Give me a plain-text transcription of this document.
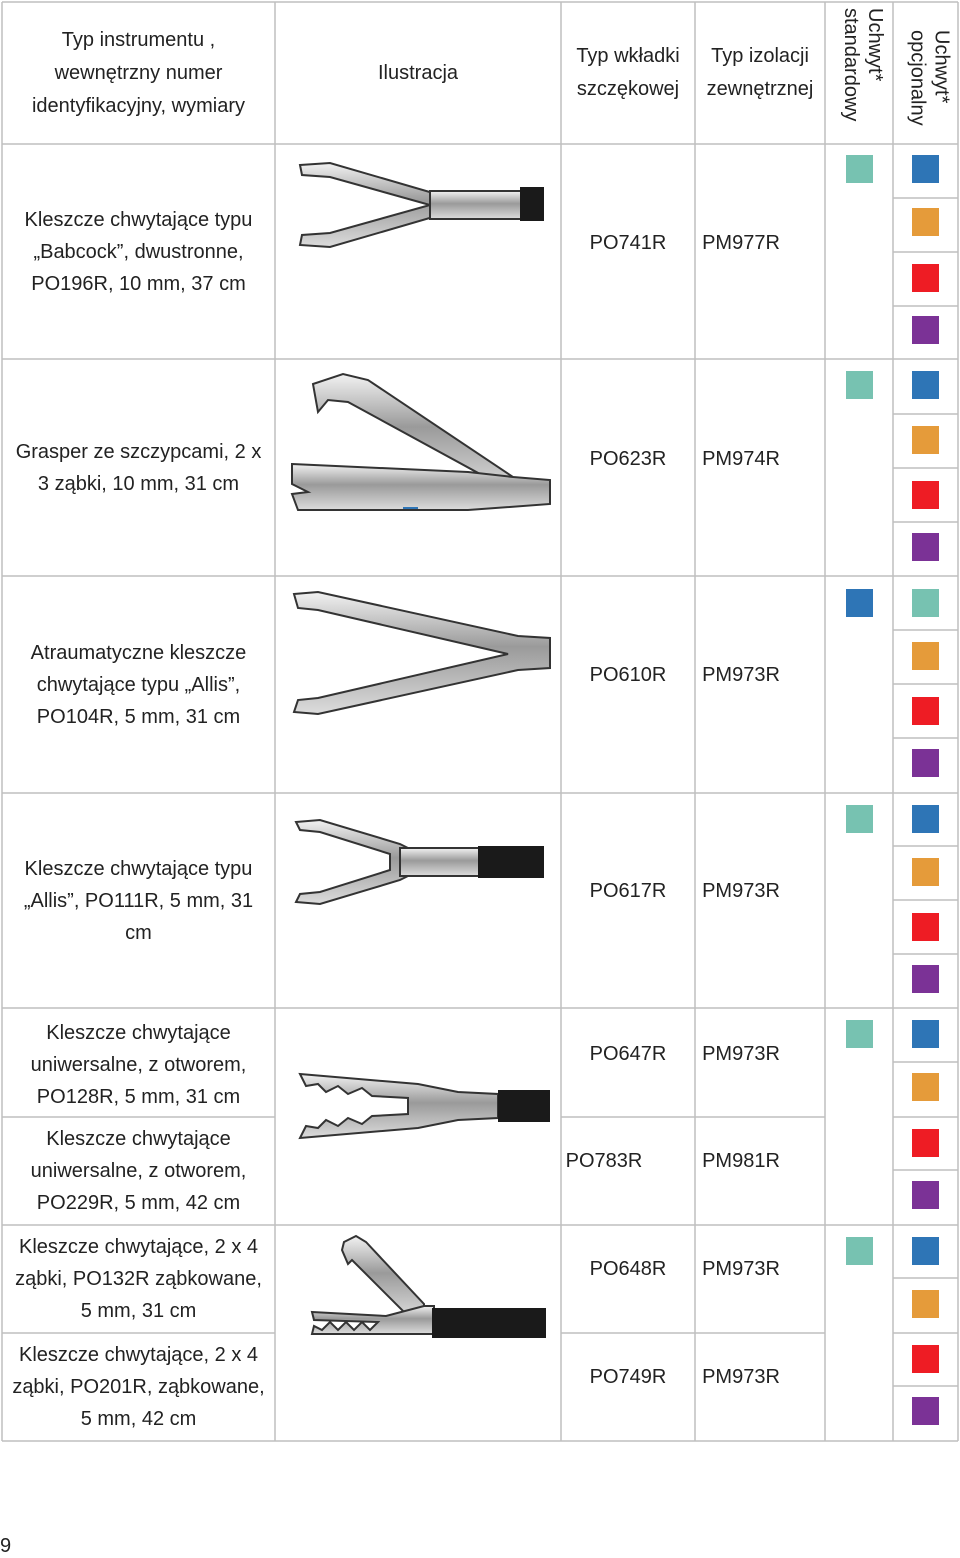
Typ instrumentu , wewnętrzny numer identyfikacyjny, wymiary
Ilustracja
Typ wkładki szczękowej
Typ izolacji zewnętrznej
Uchwyt* standardowy	Uchwyt* opcjonalny
Kleszcze chwytające typu „Babcock”, dwustronne, PO196R, 10 mm, 37 cm
Grasper ze szczypcami, 2 x 3 ząbki, 10 mm, 31 cm
Atraumatyczne kleszcze chwytające typu „Allis”, PO104R, 5 mm, 31 cm
Kleszcze chwytające typu „Allis”, PO111R, 5 mm, 31 cm
Kleszcze chwytające uniwersalne, z otworem, PO128R, 5 mm, 31 cm
Kleszcze chwytające uniwersalne, z otworem, PO229R, 5 mm, 42 cm
Kleszcze chwytające, 2 x 4 ząbki, PO132R ząbkowane, 5 mm, 31 cm
Kleszcze chwytające, 2 x 4 ząbki, PO201R, ząbkowane, 5 mm, 42 cm
PO741R PM977R
PO623R PM974R
PO610R PM973R
PO617R PM973R
PO647R PM973R
PO783R	PM981R
PO648R PM973R
PO749R PM973R
9
